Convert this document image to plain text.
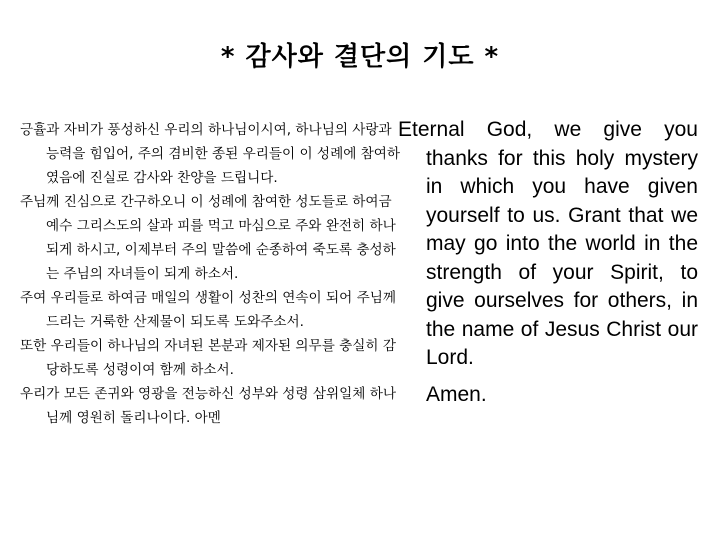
* 감사와 결단의 기도 *

긍휼과 자비가 풍성하신 우리의 하나님이시여, 하나님의 사랑과 능력을 힘입어, 주의 겸비한 종된 우리들이 이 성례에 참여하였음에 진실로 감사와 찬양을 드립니다.

주님께 진심으로 간구하오니 이 성례에 참여한 성도들로 하여금 예수 그리스도의 살과 피를 먹고 마심으로 주와 완전히 하나되게 하시고, 이제부터 주의 말씀에 순종하여 죽도록 충성하는 주님의 자녀들이 되게 하소서.

주여 우리들로 하여금 매일의 생활이 성찬의 연속이 되어 주님께 드리는 거룩한 산제물이 되도록 도와주소서.

또한 우리들이 하나님의 자녀된 본분과 제자된 의무를 충실히 감당하도록 성령이여 함께 하소서.

우리가 모든 존귀와 영광을 전능하신 성부와 성령 삼위일체 하나님께 영원히 돌리나이다. 아멘

Eternal God, we give you thanks for this holy mystery in which you have given yourself to us. Grant that we may go into the world in the strength of your Spirit, to give ourselves for others, in the name of Jesus Christ our Lord.

Amen.
